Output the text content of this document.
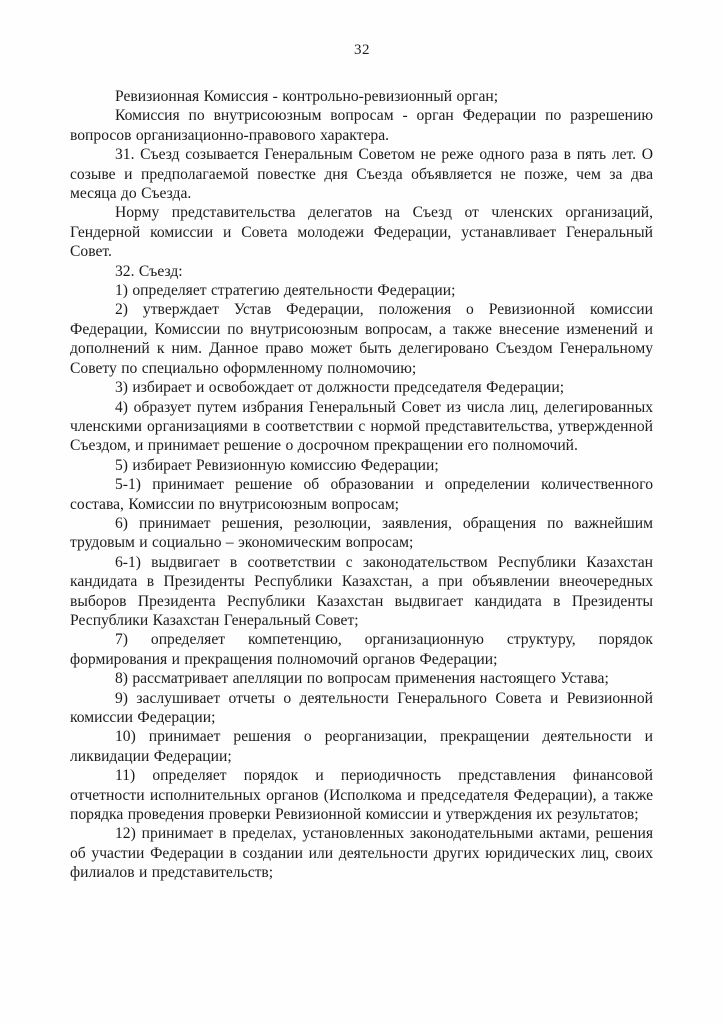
32

Ревизионная Комиссия - контрольно-ревизионный орган;

Комиссия по внутрисоюзным вопросам - орган Федерации по разрешению вопросов организационно-правового характера.

31. Съезд созывается Генеральным Советом не реже одного раза в пять лет. О созыве и предполагаемой повестке дня Съезда объявляется не позже, чем за два месяца до Съезда.

Норму представительства делегатов на Съезд от членских организаций, Гендерной комиссии и Совета молодежи Федерации, устанавливает Генеральный Совет.

32. Съезд:

1) определяет стратегию деятельности Федерации;

2) утверждает Устав Федерации, положения о Ревизионной комиссии Федерации, Комиссии по внутрисоюзным вопросам, а также внесение изменений и дополнений к ним. Данное право может быть делегировано Съездом Генеральному Совету по специально оформленному полномочию;

3) избирает и освобождает от должности председателя Федерации;

4) образует путем избрания Генеральный Совет из числа лиц, делегированных членскими организациями в соответствии с нормой представительства, утвержденной Съездом, и принимает решение о досрочном прекращении его полномочий.

5) избирает Ревизионную комиссию Федерации;

5-1) принимает решение об образовании и определении количественного состава, Комиссии по внутрисоюзным вопросам;

6) принимает решения, резолюции, заявления, обращения по важнейшим трудовым и социально – экономическим вопросам;

6-1) выдвигает в соответствии с законодательством Республики Казахстан кандидата в Президенты Республики Казахстан, а при объявлении внеочередных выборов Президента Республики Казахстан выдвигает кандидата в Президенты Республики Казахстан Генеральный Совет;

7) определяет компетенцию, организационную структуру, порядок формирования и прекращения полномочий органов Федерации;

8) рассматривает апелляции по вопросам применения настоящего Устава;

9) заслушивает отчеты о деятельности Генерального Совета и Ревизионной комиссии Федерации;

10) принимает решения о реорганизации, прекращении деятельности и ликвидации Федерации;

11) определяет порядок и периодичность представления финансовой отчетности исполнительных органов (Исполкома и председателя Федерации), а также порядка проведения проверки Ревизионной комиссии и утверждения их результатов;

12) принимает в пределах, установленных законодательными актами, решения об участии Федерации в создании или деятельности других юридических лиц, своих филиалов и представительств;
